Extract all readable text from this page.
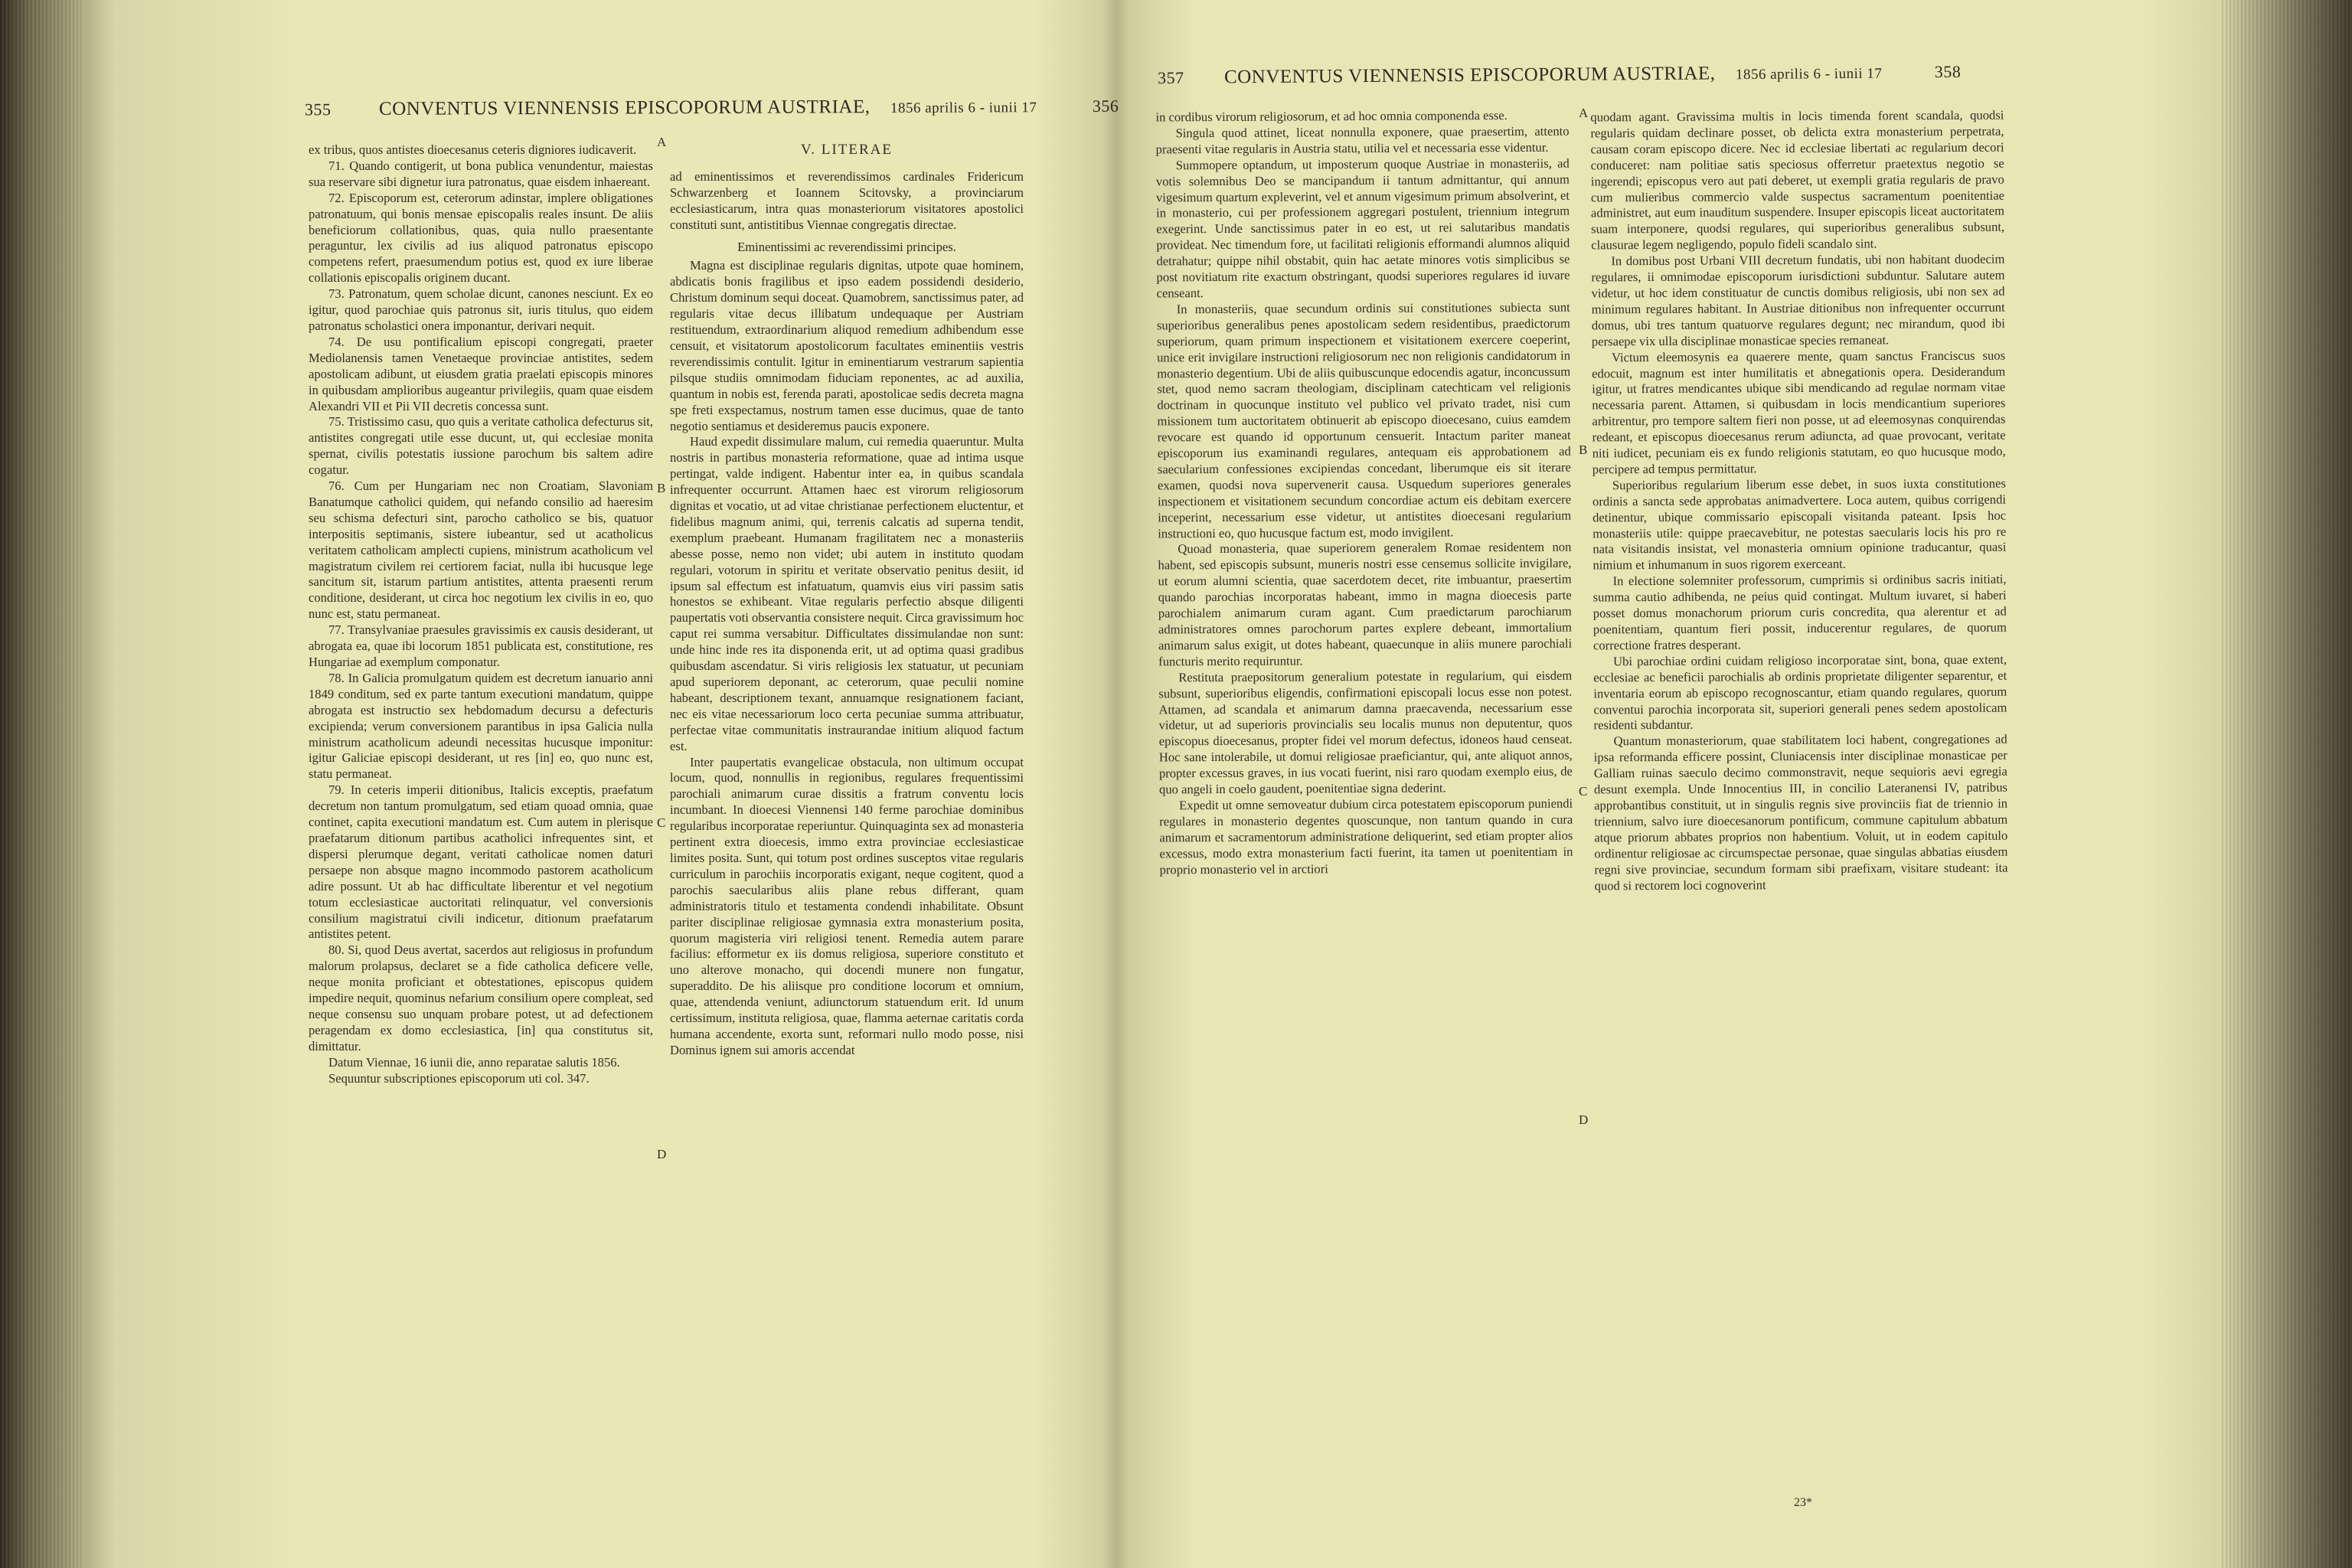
355 CONVENTUS VIENNENSIS EPISCOPORUM AUSTRIAE, 1856 aprilis 6 - iunii 17	356

ex tribus, quos antistes dioecesanus ceteris digniores iudicaverit.

71. Quando contigerit, ut bona publica venundentur, maiestas sua reservare sibi dignetur iura patronatus, quae eisdem inhaereant.

72. Episcoporum est, ceterorum adinstar, implere obligationes patronatuum, qui bonis mensae episcopalis reales insunt. De aliis beneficiorum collationibus, quas, quia nullo praesentante peraguntur, lex civilis ad ius aliquod patronatus episcopo competens refert, praesumendum potius est, quod ex iure liberae collationis episcopalis originem ducant.

73. Patronatum, quem scholae dicunt, canones nesciunt. Ex eo igitur, quod parochiae quis patronus sit, iuris titulus, quo eidem patronatus scholastici onera imponantur, derivari nequit.

74. De usu pontificalium episcopi congregati, praeter Mediolanensis tamen Venetaeque provinciae antistites, sedem apostolicam adibunt, ut eiusdem gratia praelati episcopis minores in quibusdam amplioribus augeantur privilegiis, quam quae eisdem Alexandri VII et Pii VII decretis concessa sunt.

75. Tristissimo casu, quo quis a veritate catholica defecturus sit, antistites congregati utile esse ducunt, ut, qui ecclesiae monita spernat, civilis potestatis iussione parochum bis saltem adire cogatur.

76. Cum per Hungariam nec non Croatiam, Slavoniam Banatumque catholici quidem, qui nefando consilio ad haeresim seu schisma defecturi sint, parocho catholico se bis, quatuor interpositis septimanis, sistere iubeantur, sed ut acatholicus veritatem catholicam amplecti cupiens, ministrum acatholicum vel magistratum civilem rei certiorem faciat, nulla ibi hucusque lege sancitum sit, istarum partium antistites, attenta praesenti rerum conditione, desiderant, ut circa hoc negotium lex civilis in eo, quo nunc est, statu permaneat.

77. Transylvaniae praesules gravissimis ex causis desiderant, ut abrogata ea, quae ibi locorum 1851 publicata est, constitutione, res Hungariae ad exemplum componatur.

78. In Galicia promulgatum quidem est decretum ianuario anni 1849 conditum, sed ex parte tantum executioni mandatum, quippe abrogata est instructio sex hebdomadum decursu a defecturis excipienda; verum conversionem parantibus in ipsa Galicia nulla ministrum acatholicum adeundi necessitas hucusque imponitur: igitur Galiciae episcopi desiderant, ut res [in] eo, quo nunc est, statu permaneat.

79. In ceteris imperii ditionibus, Italicis exceptis, praefatum decretum non tantum promulgatum, sed etiam quoad omnia, quae continet, capita executioni mandatum est. Cum autem in plerisque praefatarum ditionum partibus acatholici infrequentes sint, et dispersi plerumque degant, veritati catholicae nomen daturi persaepe non absque magno incommodo pastorem acatholicum adire possunt. Ut ab hac difficultate liberentur et vel negotium totum ecclesiasticae auctoritati relinquatur, vel conversionis consilium magistratui civili indicetur, ditionum praefatarum antistites petent.

80. Si, quod Deus avertat, sacerdos aut religiosus in profundum malorum prolapsus, declaret se a fide catholica deficere velle, neque monita proficiant et obtestationes, episcopus quidem impedire nequit, quominus nefarium consilium opere compleat, sed neque consensu suo unquam probare potest, ut ad defectionem peragendam ex domo ecclesiastica, [in] qua constitutus sit, dimittatur.

Datum Viennae, 16 iunii die, anno reparatae salutis 1856.

Sequuntur subscriptiones episcoporum uti col. 347.

A
B
C
D
V. LITERAE

ad eminentissimos et reverendissimos cardinales Fridericum Schwarzenberg et Ioannem Scitovsky, a provinciarum ecclesiasticarum, intra quas monasteriorum visitatores apostolici constituti sunt, antistitibus Viennae congregatis directae.

Eminentissimi ac reverendissimi principes.

Magna est disciplinae regularis dignitas, utpote quae hominem, abdicatis bonis fragilibus et ipso eadem possidendi desiderio, Christum dominum sequi doceat. Quamobrem, sanctissimus pater, ad regularis vitae decus illibatum undequaque per Austriam restituendum, extraordinarium aliquod remedium adhibendum esse censuit, et visitatorum apostolicorum facultates eminentiis vestris reverendissimis contulit. Igitur in eminentiarum vestrarum sapientia pilsque studiis omnimodam fiduciam reponentes, ac ad auxilia, quantum in nobis est, ferenda parati, apostolicae sedis decreta magna spe freti exspectamus, nostrum tamen esse ducimus, quae de tanto negotio sentiamus et desideremus paucis exponere.

Haud expedit dissimulare malum, cui remedia quaeruntur. Multa nostris in partibus monasteria reformatione, quae ad intima usque pertingat, valde indigent. Habentur inter ea, in quibus scandala infrequenter occurrunt. Attamen haec est virorum religiosorum dignitas et vocatio, ut ad vitae christianae perfectionem eluctentur, et fidelibus magnum animi, qui, terrenis calcatis ad superna tendit, exemplum praebeant. Humanam fragilitatem nec a monasteriis abesse posse, nemo non videt; ubi autem in instituto quodam regulari, votorum in spiritu et veritate observatio penitus desiit, id ipsum sal effectum est infatuatum, quamvis eius viri passim satis honestos se exhibeant. Vitae regularis perfectio absque diligenti paupertatis voti observantia consistere nequit. Circa gravissimum hoc caput rei summa versabitur. Difficultates dissimulandae non sunt: unde hinc inde res ita disponenda erit, ut ad optima quasi gradibus quibusdam ascendatur. Si viris religiosis lex statuatur, ut pecuniam apud superiorem deponant, ac ceterorum, quae peculii nomine habeant, descriptionem texant, annuamque resignationem faciant, nec eis vitae necessariorum loco certa pecuniae summa attribuatur, perfectae vitae communitatis instraurandae initium aliquod factum est.

Inter paupertatis evangelicae obstacula, non ultimum occupat locum, quod, nonnullis in regionibus, regulares frequentissimi parochiali animarum curae dissitis a fratrum conventu locis incumbant. In dioecesi Viennensi 140 ferme parochiae dominibus regularibus incorporatae reperiuntur. Quinquaginta sex ad monasteria pertinent extra dioecesis, immo extra provinciae ecclesiasticae limites posita. Sunt, qui totum post ordines susceptos vitae regularis curriculum in parochiis incorporatis exigant, neque cogitent, quod a parochis saecularibus aliis plane rebus differant, quam administratoris titulo et testamenta condendi inhabilitate. Obsunt pariter disciplinae religiosae gymnasia extra monasterium posita, quorum magisteria viri religiosi tenent. Remedia autem parare facilius: efformetur ex iis domus religiosa, superiore constituto et uno alterove monacho, qui docendi munere non fungatur, superaddito. De his aliisque pro conditione locorum et omnium, quae, attendenda veniunt, adiunctorum statuendum erit. Id unum certissimum, instituta religiosa, quae, flamma aeternae caritatis corda humana accendente, exorta sunt, reformari nullo modo posse, nisi Dominus ignem sui amoris accendat

357 CONVENTUS VIENNENSIS EPISCOPORUM AUSTRIAE, 1856 aprilis 6 - iunii 17	358

in cordibus virorum religiosorum, et ad hoc omnia componenda esse.

Singula quod attinet, liceat nonnulla exponere, quae praesertim, attento praesenti vitae regularis in Austria statu, utilia vel et necessaria esse videntur.

Summopere optandum, ut imposterum quoque Austriae in monasteriis, ad votis solemnibus Deo se mancipandum ii tantum admittantur, qui annum vigesimum quartum expleverint, vel et annum vigesimum primum absolverint, et in monasterio, cui per professionem aggregari postulent, triennium integrum exegerint. Unde sanctissimus pater in eo est, ut rei salutaribus mandatis provideat. Nec timendum fore, ut facilitati religionis efformandi alumnos aliquid detrahatur; quippe nihil obstabit, quin hac aetate minores votis simplicibus se post novitiatum rite exactum obstringant, quodsi superiores regulares id iuvare censeant.

In monasteriis, quae secundum ordinis sui constitutiones subiecta sunt superioribus generalibus penes apostolicam sedem residentibus, praedictorum superiorum, quam primum inspectionem et visitationem exercere coeperint, unice erit invigilare instructioni religiosorum nec non religionis candidatorum in monasterio degentium. Ubi de aliis quibuscunque edocendis agatur, inconcussum stet, quod nemo sacram theologiam, disciplinam catechticam vel religionis doctrinam in quocunque instituto vel publico vel privato tradet, nisi cum missionem tum auctoritatem obtinuerit ab episcopo dioecesano, cuius eamdem revocare est quando id opportunum censuerit. Intactum pariter maneat episcoporum ius examinandi regulares, antequam eis approbationem ad saecularium confessiones excipiendas concedant, liberumque eis sit iterare examen, quodsi nova supervenerit causa. Usquedum superiores generales inspectionem et visitationem secundum concordiae actum eis debitam exercere inceperint, necessarium esse videtur, ut antistites dioecesani regularium instructioni eo, quo hucusque factum est, modo invigilent.

Quoad monasteria, quae superiorem generalem Romae residentem non habent, sed episcopis subsunt, muneris nostri esse censemus sollicite invigilare, ut eorum alumni scientia, quae sacerdotem decet, rite imbuantur, praesertim quando parochias incorporatas habeant, immo in magna dioecesis parte parochialem animarum curam agant. Cum praedictarum parochiarum administratores omnes parochorum partes explere debeant, immortalium animarum salus exigit, ut dotes habeant, quaecunque in aliis munere parochiali functuris merito requiruntur.

Restituta praepositorum generalium potestate in regularium, qui eisdem subsunt, superioribus eligendis, confirmationi episcopali locus esse non potest. Attamen, ad scandala et animarum damna praecavenda, necessarium esse videtur, ut ad superioris provincialis seu localis munus non deputentur, quos episcopus dioecesanus, propter fidei vel morum defectus, idoneos haud censeat. Hoc sane intolerabile, ut domui religiosae praeficiantur, qui, ante aliquot annos, propter excessus graves, in ius vocati fuerint, nisi raro quodam exemplo eius, de quo angeli in coelo gaudent, poenitentiae signa dederint.

Expedit ut omne semoveatur dubium circa potestatem episcoporum puniendi regulares in monasterio degentes quoscunque, non tantum quando in cura animarum et sacramentorum administratione deliquerint, sed etiam propter alios excessus, modo extra monasterium facti fuerint, ita tamen ut poenitentiam in proprio monasterio vel in arctiori

A
B
C
D

quodam agant. Gravissima multis in locis timenda forent scandala, quodsi regularis quidam declinare posset, ob delicta extra monasterium perpetrata, causam coram episcopo dicere. Nec id ecclesiae libertati ac regularium decori conduceret: nam politiae satis speciosus offerretur praetextus negotio se ingerendi; episcopus vero aut pati deberet, ut exempli gratia regularis de pravo cum mulieribus commercio valde suspectus sacramentum poenitentiae administret, aut eum inauditum suspendere. Insuper episcopis liceat auctoritatem suam interponere, quodsi regulares, qui superioribus generalibus subsunt, clausurae legem negligendo, populo fideli scandalo sint.

In domibus post Urbani VIII decretum fundatis, ubi non habitant duodecim regulares, ii omnimodae episcoporum iurisdictioni subduntur. Salutare autem videtur, ut hoc idem constituatur de cunctis domibus religiosis, ubi non sex ad minimum regulares habitant. In Austriae ditionibus non infrequenter occurrunt domus, ubi tres tantum quatuorve regulares degunt; nec mirandum, quod ibi persaepe vix ulla disciplinae monasticae species remaneat.

Victum eleemosynis ea quaerere mente, quam sanctus Franciscus suos edocuit, magnum est inter humilitatis et abnegationis opera. Desiderandum igitur, ut fratres mendicantes ubique sibi mendicando ad regulae normam vitae necessaria parent. Attamen, si quibusdam in locis mendicantium superiores arbitrentur, pro tempore saltem fieri non posse, ut ad eleemosynas conquirendas redeant, et episcopus dioecesanus rerum adiuncta, ad quae provocant, veritate niti iudicet, pecuniam eis ex fundo religionis statutam, eo quo hucusque modo, percipere ad tempus permittatur.

Superioribus regularium liberum esse debet, in suos iuxta constitutiones ordinis a sancta sede approbatas animadvertere. Loca autem, quibus corrigendi detinentur, ubique commissario episcopali visitanda pateant. Ipsis hoc monasteriis utile: quippe praecavebitur, ne potestas saecularis locis his pro re nata visitandis insistat, vel monasteria omnium opinione traducantur, quasi nimium et inhumanum in suos rigorem exerceant.

In electione solemniter professorum, cumprimis si ordinibus sacris initiati, summa cautio adhibenda, ne peius quid contingat. Multum iuvaret, si haberi posset domus monachorum priorum curis concredita, qua alerentur et ad poenitentiam, quantum fieri possit, inducerentur regulares, de quorum correctione fratres desperant.

Ubi parochiae ordini cuidam religioso incorporatae sint, bona, quae extent, ecclesiae ac beneficii parochialis ab ordinis proprietate diligenter separentur, et inventaria eorum ab episcopo recognoscantur, etiam quando regulares, quorum conventui parochia incorporata sit, superiori generali penes sedem apostolicam residenti subdantur.

Quantum monasteriorum, quae stabilitatem loci habent, congregationes ad ipsa reformanda efficere possint, Cluniacensis inter disciplinae monasticae per Galliam ruinas saeculo decimo commonstravit, neque sequioris aevi egregia desunt exempla. Unde Innocentius III, in concilio Lateranensi IV, patribus approbantibus constituit, ut in singulis regnis sive provinciis fiat de triennio in triennium, salvo iure dioecesanorum pontificum, commune capitulum abbatum atque priorum abbates proprios non habentium. Voluit, ut in eodem capitulo ordinentur religiosae ac circumspectae personae, quae singulas abbatias eiusdem regni sive provinciae, secundum formam sibi praefixam, visitare studeant: ita quod si rectorem loci cognoverint

23*
